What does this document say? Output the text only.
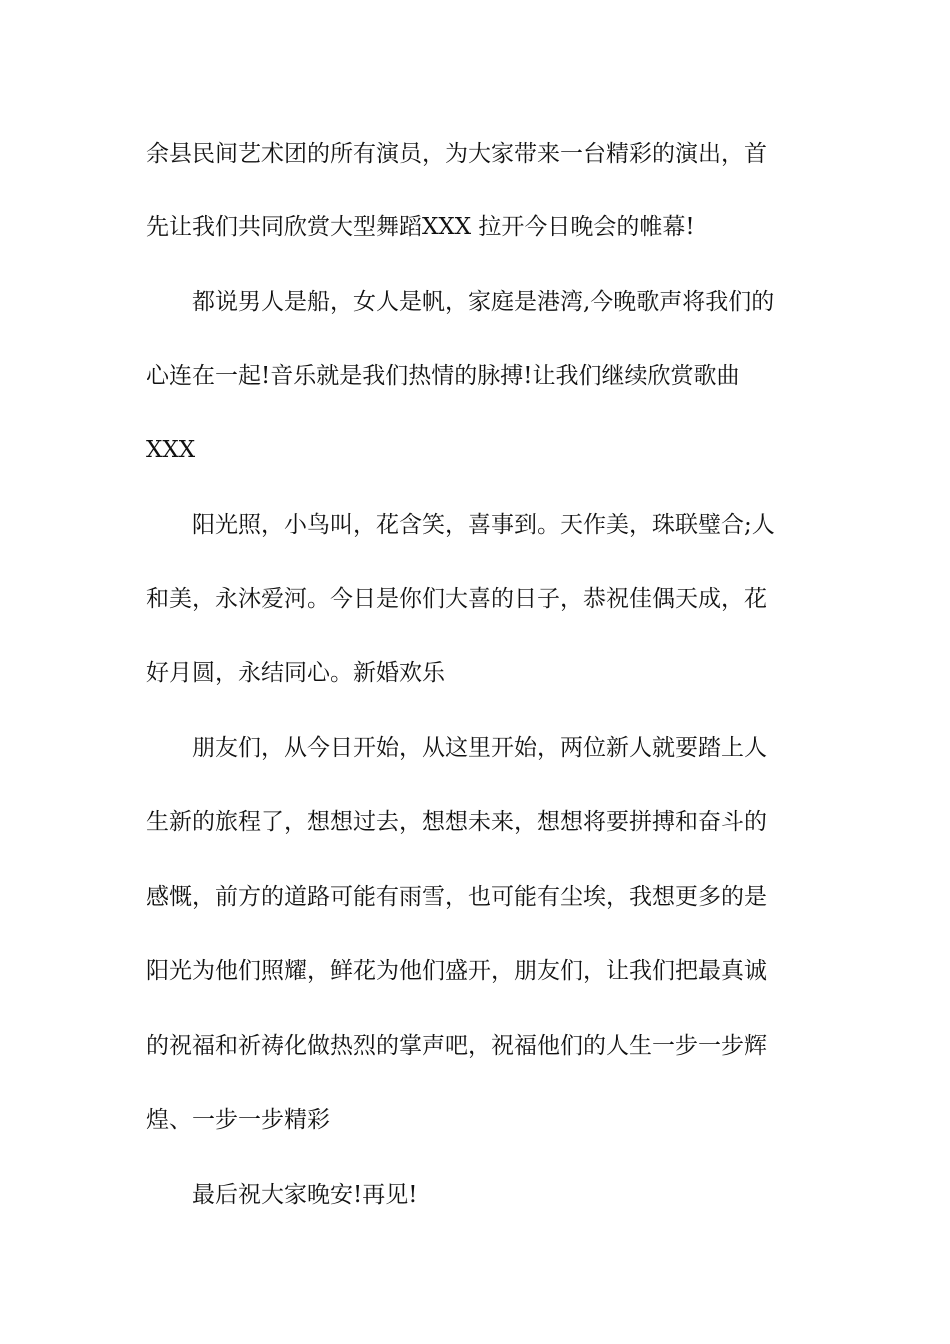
余县民间艺术团的所有演员，为大家带来一台精彩的演出，首
先让我们共同欣赏大型舞蹈XXX 拉开今日晚会的帷幕!
都说男人是船，女人是帆，家庭是港湾,今晚歌声将我们的
心连在一起!音乐就是我们热情的脉搏!让我们继续欣赏歌曲
XXX
阳光照，小鸟叫，花含笑，喜事到。天作美，珠联璧合;人
和美，永沐爱河。今日是你们大喜的日子，恭祝佳偶天成，花
好月圆，永结同心。新婚欢乐
朋友们，从今日开始，从这里开始，两位新人就要踏上人
生新的旅程了，想想过去，想想未来，想想将要拼搏和奋斗的
感慨，前方的道路可能有雨雪，也可能有尘埃，我想更多的是
阳光为他们照耀，鲜花为他们盛开，朋友们，让我们把最真诚
的祝福和祈祷化做热烈的掌声吧，祝福他们的人生一步一步辉
煌、一步一步精彩
最后祝大家晚安!再见!
